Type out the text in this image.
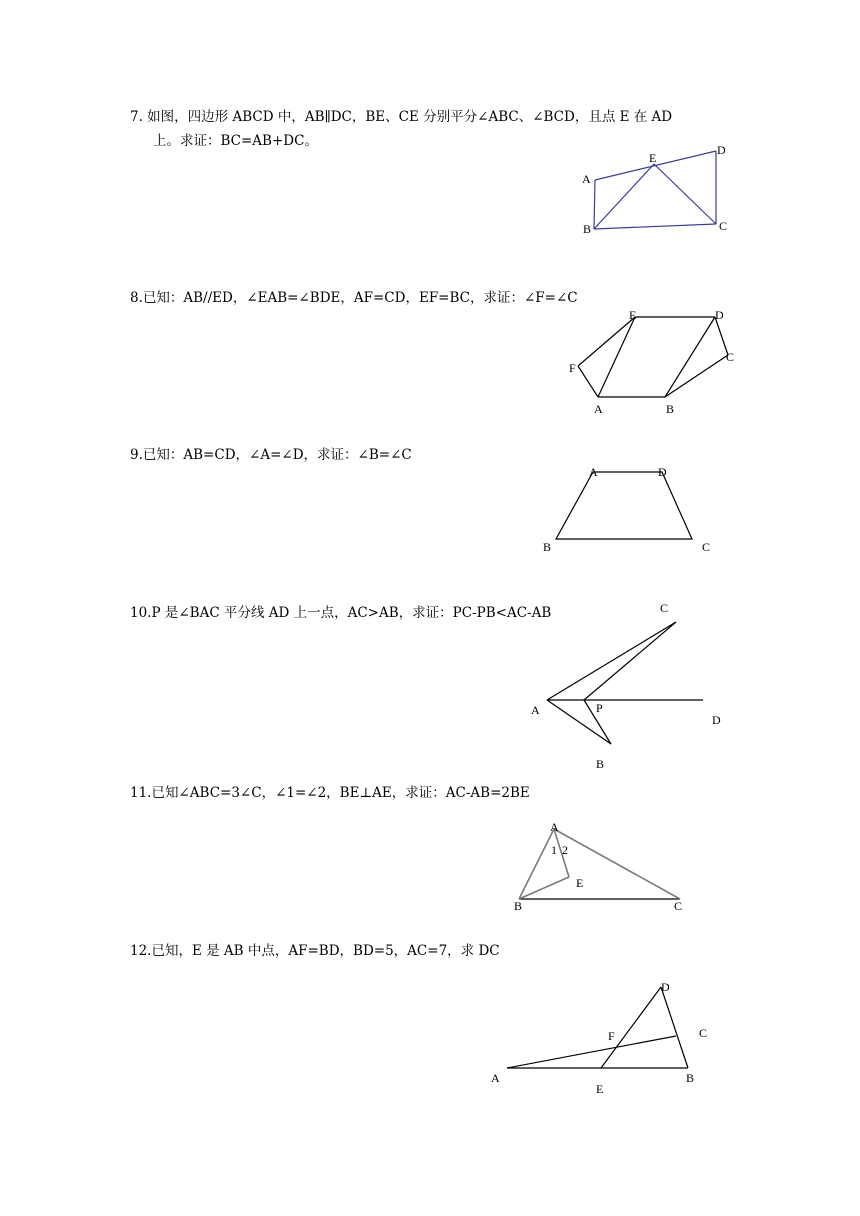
7. 如图，四边形 ABCD 中，AB∥DC，BE、CE 分别平分∠ABC、∠BCD，且点 E 在 AD
上。求证：BC=AB+DC。
A
B	C
D
E
8.已知：AB//ED，∠EAB=∠BDE，AF=CD，EF=BC，求证：∠F=∠C
A	B
C
D
E
F
9.已知：AB=CD，∠A=∠D，求证：∠B=∠C
A	D
B	C
10.P 是∠BAC 平分线 AD 上一点，AC>AB，求证：PC-PB<AC-AB	C
A	P
D
B
11.已知∠ABC=3∠C，∠1=∠2，BE⊥AE，求证：AC-AB=2BE
A
1 2
E
B	C
12.已知，E 是 AB 中点，AF=BD，BD=5，AC=7，求 DC
D
C
F
A
E
B
